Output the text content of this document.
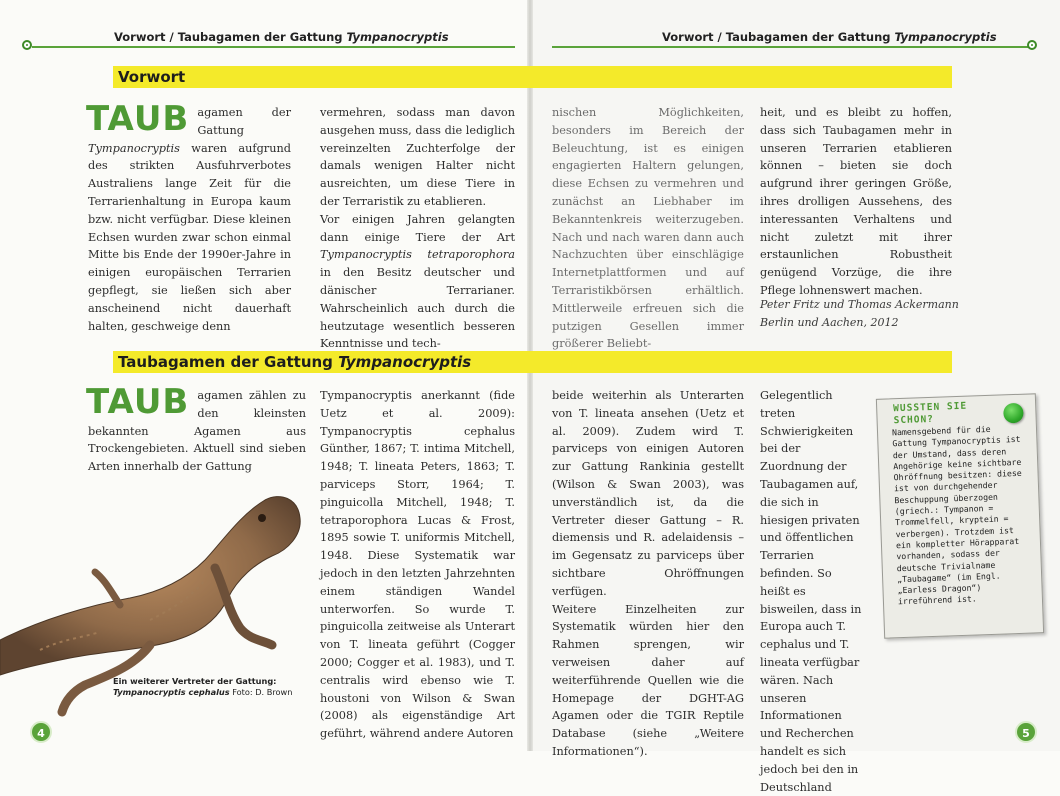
Vorwort / Taubagamen der Gattung Tympanocryptis	Vorwort / Taubagamen der Gattung Tympanocryptis
Vorwort

TAUB agamen der Gattung Tympanocryptis waren aufgrund des strikten Ausfuhrverbotes Australiens lange Zeit für die Terrarienhaltung in Europa kaum bzw. nicht verfügbar. Diese kleinen Echsen wurden zwar schon einmal Mitte bis Ende der 1990er-Jahre in einigen europäischen Terrarien gepflegt, sie ließen sich aber anscheinend nicht dauerhaft halten, geschweige denn

vermehren, sodass man davon ausgehen muss, dass die lediglich vereinzelten Zuchterfolge der damals wenigen Halter nicht ausreichten, um diese Tiere in der Terraristik zu etablieren.

Vor einigen Jahren gelangten dann einige Tiere der Art Tympanocryptis tetraporophora in den Besitz deutscher und dänischer Terrarianer. Wahrscheinlich auch durch die heutzutage wesentlich besseren Kenntnisse und tech-

nischen Möglichkeiten, besonders im Bereich der Beleuchtung, ist es einigen engagierten Haltern gelungen, diese Echsen zu vermehren und zunächst an Liebhaber im Bekanntenkreis weiterzugeben. Nach und nach waren dann auch Nachzuchten über einschlägige Internetplattformen und auf Terraristikbörsen erhältlich. Mittlerweile erfreuen sich die putzigen Gesellen immer größerer Beliebt-

heit, und es bleibt zu hoffen, dass sich Taubagamen mehr in unseren Terrarien etablieren können – bieten sie doch aufgrund ihrer geringen Größe, ihres drolligen Aussehens, des interessanten Verhaltens und nicht zuletzt mit ihrer erstaunlichen Robustheit genügend Vorzüge, die ihre Pflege lohnenswert machen.

Peter Fritz und Thomas Ackermann
Berlin und Aachen, 2012
Taubagamen der Gattung Tympanocryptis

TAUB agamen zählen zu den kleinsten bekannten Agamen aus Trockengebieten. Aktuell sind sieben Arten innerhalb der Gattung

Tympanocryptis anerkannt (fide Uetz et al. 2009): Tympanocryptis cephalus Günther, 1867; T. intima Mitchell, 1948; T. lineata Peters, 1863; T. parviceps Storr, 1964; T. pinguicolla Mitchell, 1948; T. tetraporophora Lucas & Frost, 1895 sowie T. uniformis Mitchell, 1948. Diese Systematik war jedoch in den letzten Jahrzehnten einem ständigen Wandel unterworfen. So wurde T. pinguicolla zeitweise als Unterart von T. lineata geführt (Cogger 2000; Cogger et al. 1983), und T. centralis wird ebenso wie T. houstoni von Wilson & Swan (2008) als eigenständige Art geführt, während andere Autoren

beide weiterhin als Unterarten von T. lineata ansehen (Uetz et al. 2009). Zudem wird T. parviceps von einigen Autoren zur Gattung Rankinia gestellt (Wilson & Swan 2003), was unverständlich ist, da die Vertreter dieser Gattung – R. diemensis und R. adelaidensis – im Gegensatz zu parviceps über sichtbare Ohröffnungen verfügen.

Weitere Einzelheiten zur Systematik würden hier den Rahmen sprengen, wir verweisen daher auf weiterführende Quellen wie die Homepage der DGHT-AG Agamen oder die TGIR Reptile Database (siehe „Weitere Informationen“).

Gelegentlich treten Schwierigkeiten bei der Zuordnung der Taubagamen auf, die sich in hiesigen privaten und öffentlichen Terrarien befinden. So heißt es bisweilen, dass in Europa auch T. cephalus und T. lineata verfügbar wären. Nach unseren Informationen und Recherchen handelt es sich jedoch bei den in Deutschland

Ein weiterer Vertreter der Gattung:
Tympanocryptis cephalus Foto: D. Brown
WUSSTEN SIE SCHON?
Namensgebend für die Gattung Tympanocryptis ist der Umstand, dass deren Angehörige keine sichtbare Ohröffnung besitzen: diese ist von durchgehender Beschuppung überzogen (griech.: Tympanon = Trommelfell, kryptein = verbergen). Trotzdem ist ein kompletter Hörapparat vorhanden, sodass der deutsche Trivialname „Taubagame“ (im Engl. „Earless Dragon“) irreführend ist.
4	5
